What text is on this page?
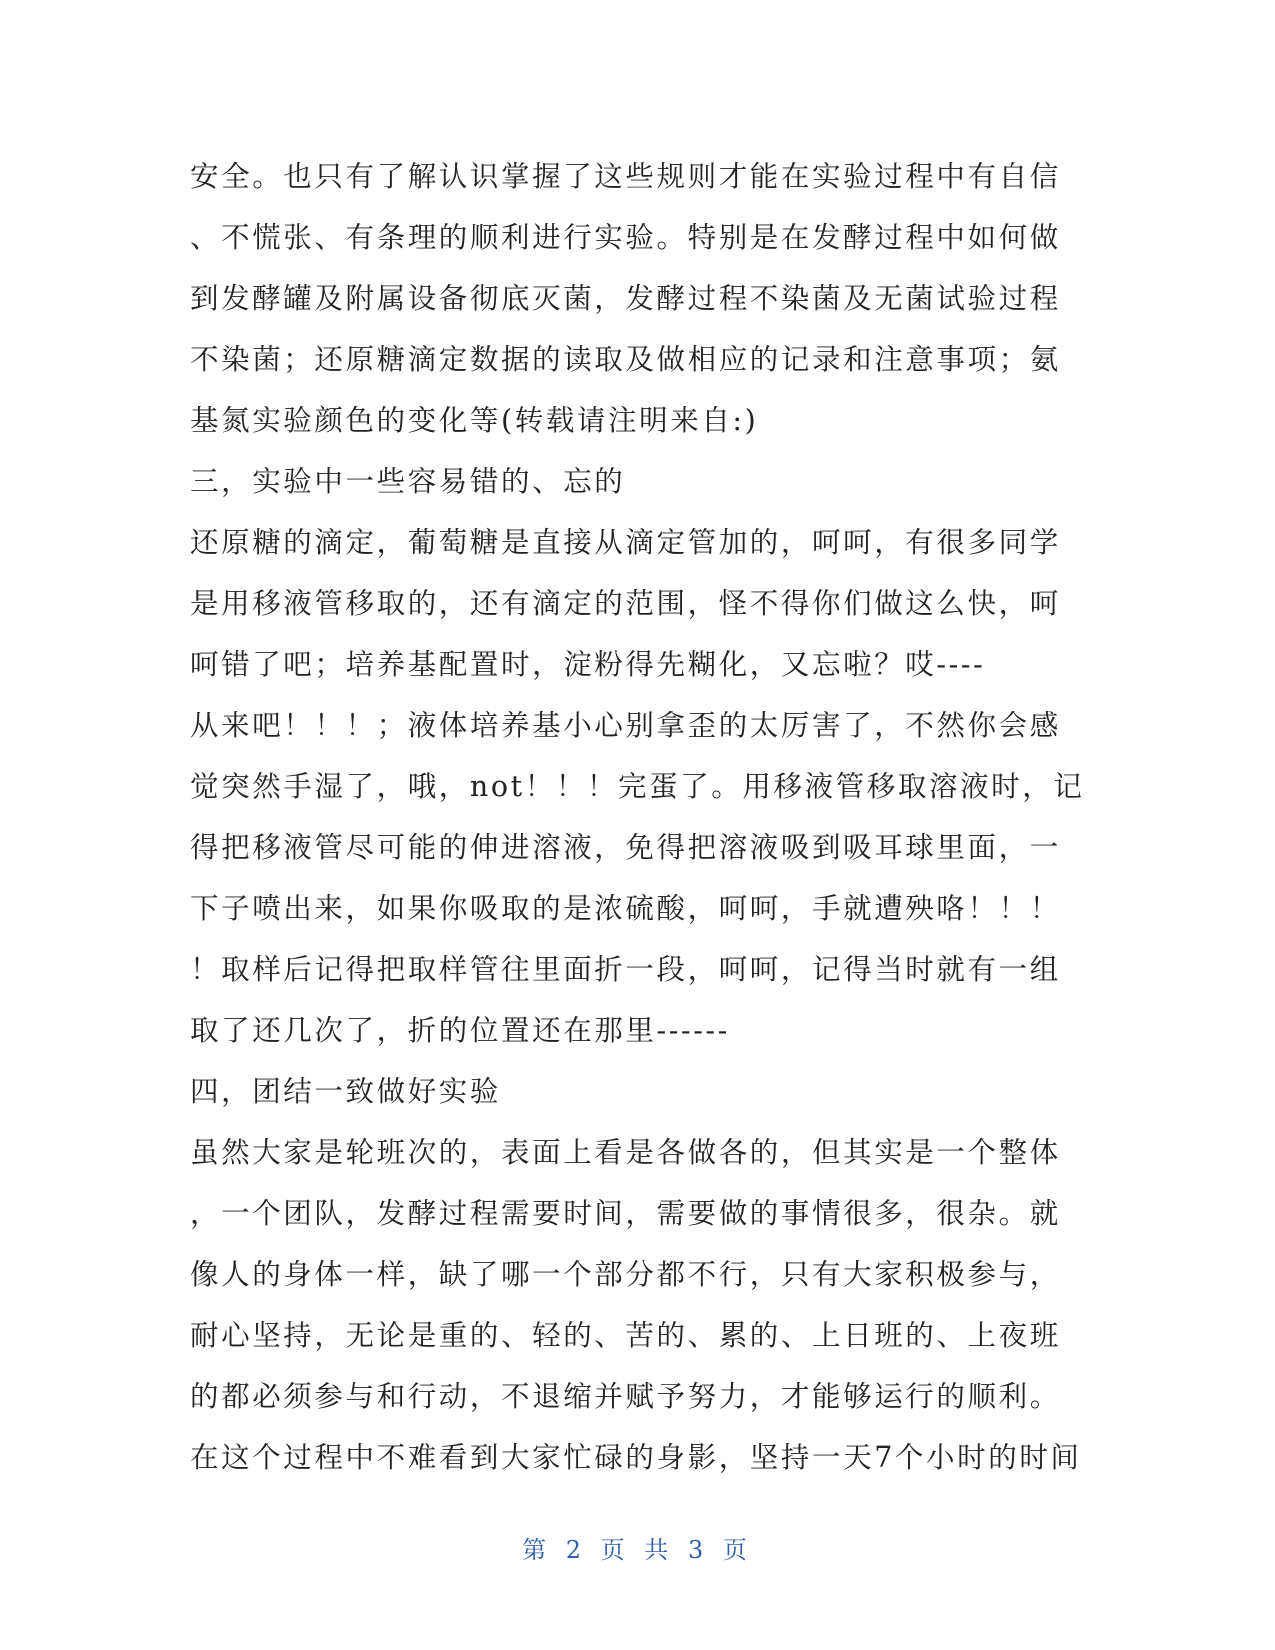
安全。也只有了解认识掌握了这些规则才能在实验过程中有自信
、不慌张、有条理的顺利进行实验。特别是在发酵过程中如何做
到发酵罐及附属设备彻底灭菌，发酵过程不染菌及无菌试验过程
不染菌；还原糖滴定数据的读取及做相应的记录和注意事项；氨
基氮实验颜色的变化等(转载请注明来自:)
三，实验中一些容易错的、忘的
还原糖的滴定，葡萄糖是直接从滴定管加的，呵呵，有很多同学
是用移液管移取的，还有滴定的范围，怪不得你们做这么快，呵
呵错了吧；培养基配置时，淀粉得先糊化，又忘啦？哎----
从来吧！！！；液体培养基小心别拿歪的太厉害了，不然你会感
觉突然手湿了，哦，not！！！完蛋了。用移液管移取溶液时，记
得把移液管尽可能的伸进溶液，免得把溶液吸到吸耳球里面，一
下子喷出来，如果你吸取的是浓硫酸，呵呵，手就遭殃咯！！！
！取样后记得把取样管往里面折一段，呵呵，记得当时就有一组
取了还几次了，折的位置还在那里------
四，团结一致做好实验
虽然大家是轮班次的，表面上看是各做各的，但其实是一个整体
，一个团队，发酵过程需要时间，需要做的事情很多，很杂。就
像人的身体一样，缺了哪一个部分都不行，只有大家积极参与，
耐心坚持，无论是重的、轻的、苦的、累的、上日班的、上夜班
的都必须参与和行动，不退缩并赋予努力，才能够运行的顺利。
在这个过程中不难看到大家忙碌的身影，坚持一天7个小时的时间
第 2 页 共 3 页
